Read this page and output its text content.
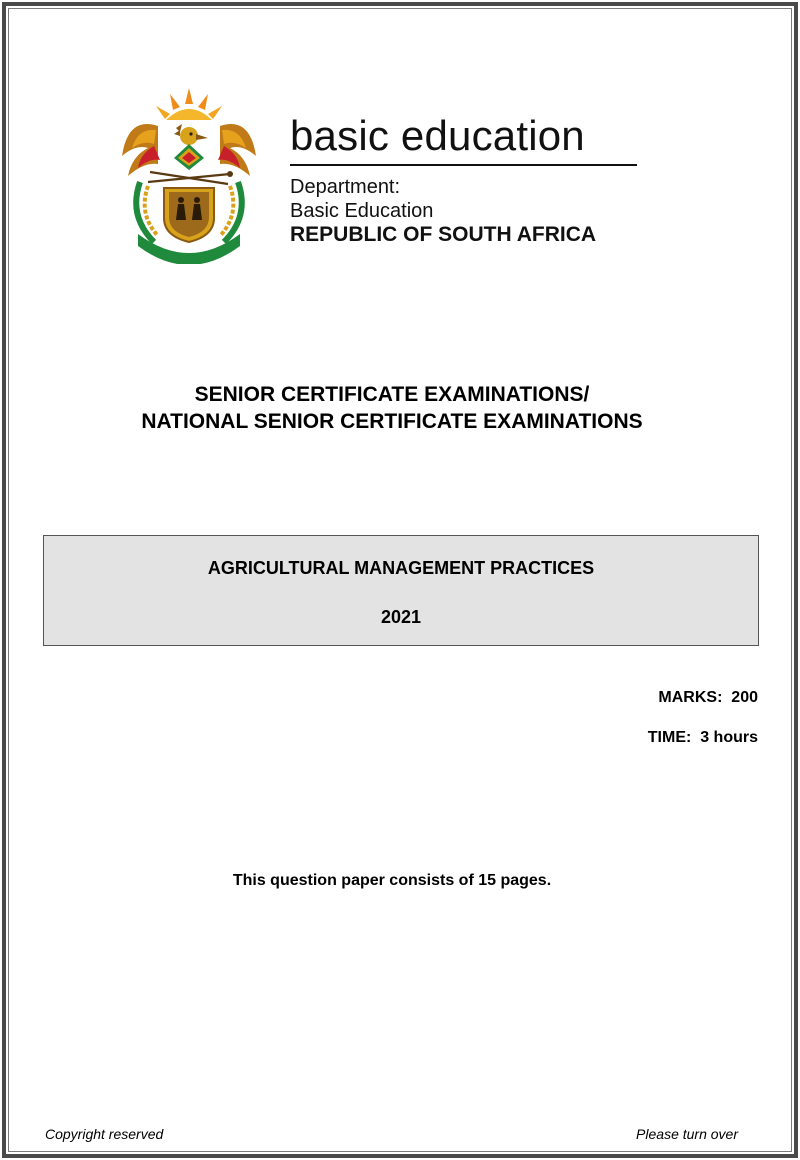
basic education
Department:
Basic Education
REPUBLIC OF SOUTH AFRICA
SENIOR CERTIFICATE EXAMINATIONS/
NATIONAL SENIOR CERTIFICATE EXAMINATIONS
AGRICULTURAL MANAGEMENT PRACTICES
2021
MARKS:  200
TIME:  3 hours
This question paper consists of 15 pages.
Copyright reserved	Please turn over
